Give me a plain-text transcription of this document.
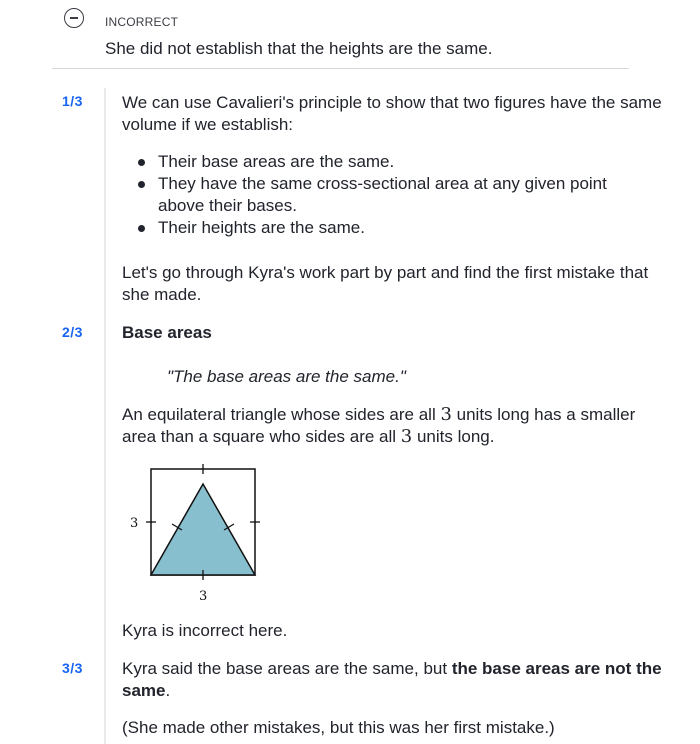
INCORRECT
She did not establish that the heights are the same.
1/3 We can use Cavalieri's principle to show that two figures have the same volume if we establish:
Their base areas are the same.
They have the same cross-sectional area at any given point above their bases.
Their heights are the same.
Let's go through Kyra's work part by part and find the first mistake that she made.
2/3 Base areas
"The base areas are the same."
An equilateral triangle whose sides are all 3 units long has a smaller area than a square who sides are all 3 units long.
3
3
Kyra is incorrect here.
3/3 Kyra said the base areas are the same, but the base areas are not the same.
(She made other mistakes, but this was her first mistake.)
